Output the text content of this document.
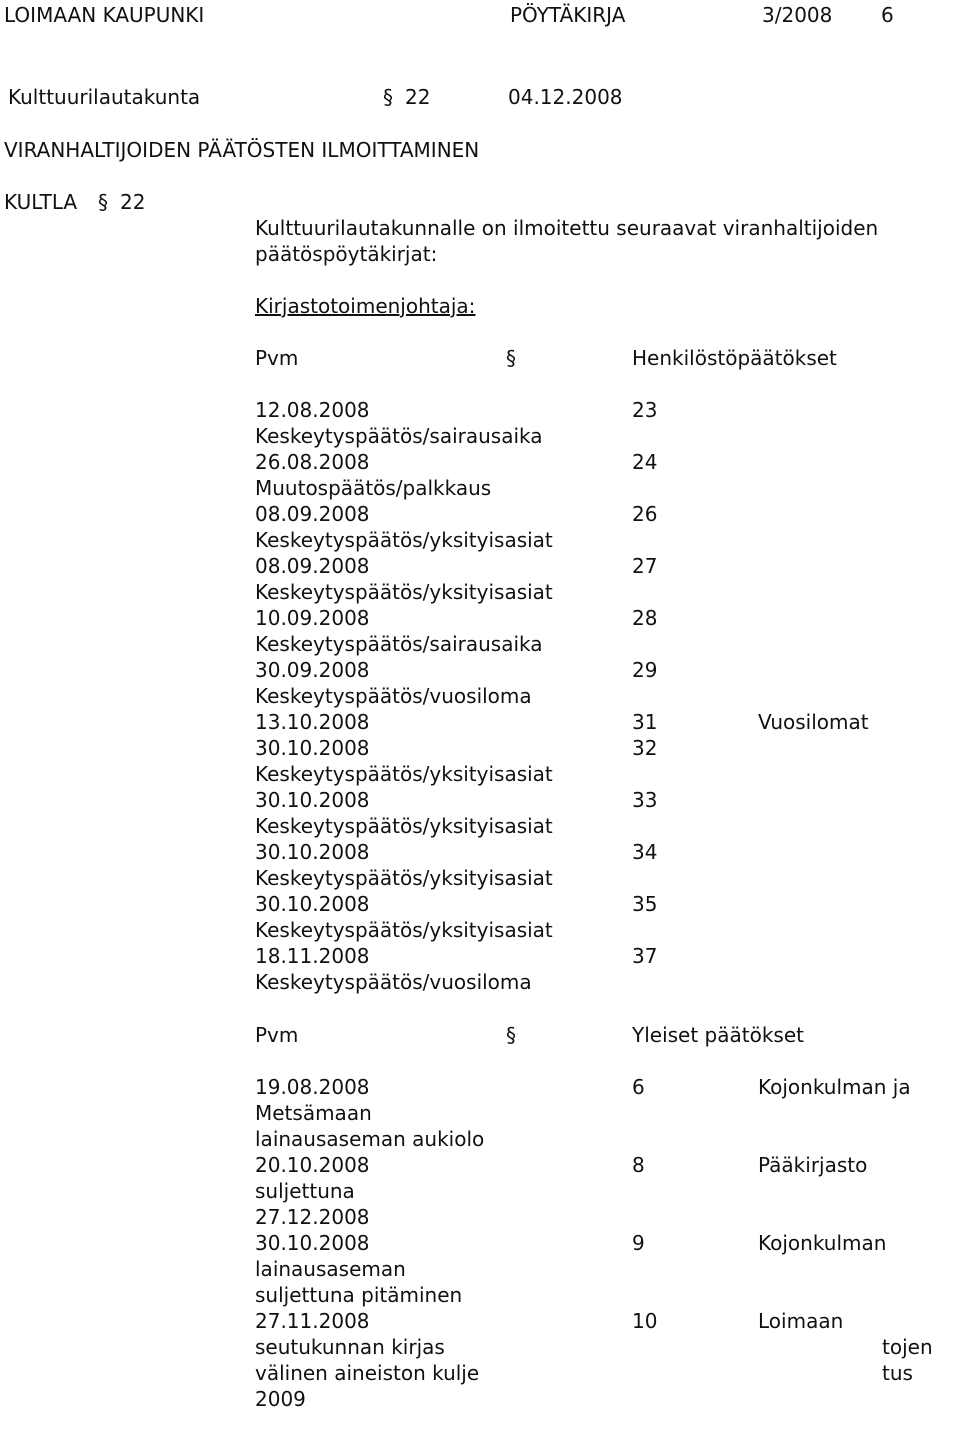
LOIMAAN KAUPUNKI	PÖYTÄKIRJA	3/2008 6
Kulttuurilautakunta	§ 22	04.12.2008
VIRANHALTIJOIDEN PÄÄTÖSTEN ILMOITTAMINEN
KULTLA § 22
Kulttuurilautakunnalle on ilmoitettu seuraavat viranhaltijoiden
päätöspöytäkirjat:
Kirjastotoimenjohtaja:
Pvm	§	Henkilöstöpäätökset
12.08.2008	23
Keskeytyspäätös/sairausaika
26.08.2008	24
Muutospäätös/palkkaus
08.09.2008	26
Keskeytyspäätös/yksityisasiat
08.09.2008	27
Keskeytyspäätös/yksityisasiat
10.09.2008	28
Keskeytyspäätös/sairausaika
30.09.2008	29
Keskeytyspäätös/vuosiloma
13.10.2008	31	Vuosilomat
30.10.2008	32
Keskeytyspäätös/yksityisasiat
30.10.2008	33
Keskeytyspäätös/yksityisasiat
30.10.2008	34
Keskeytyspäätös/yksityisasiat
30.10.2008	35
Keskeytyspäätös/yksityisasiat
18.11.2008	37
Keskeytyspäätös/vuosiloma
Pvm	§	Yleiset päätökset
19.08.2008	6	Kojonkulman ja
Metsämaan
lainausaseman aukiolo
20.10.2008	8	Pääkirjasto
suljettuna
27.12.2008
30.10.2008	9	Kojonkulman
lainausaseman
suljettuna pitäminen
27.11.2008	10	Loimaan
seutukunnan kirjas	tojen
välinen aineiston kulje	tus
2009
